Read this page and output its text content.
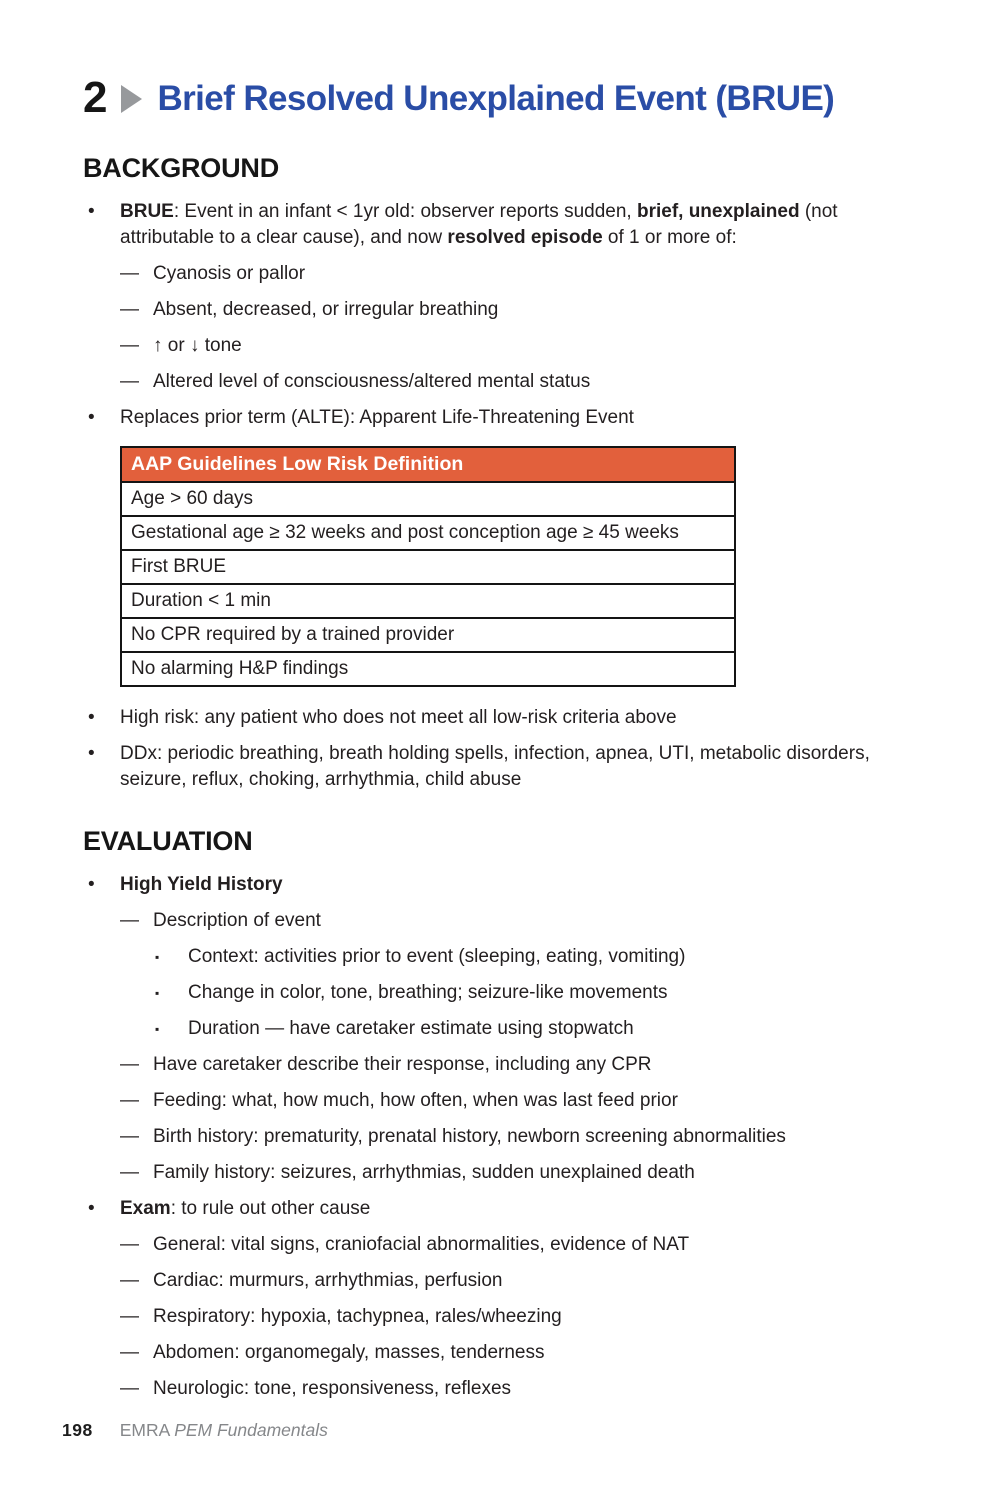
2 Brief Resolved Unexplained Event (BRUE)
BACKGROUND
•	BRUE: Event in an infant < 1yr old: observer reports sudden, brief, unexplained (not attributable to a clear cause), and now resolved episode of 1 or more of:
— Cyanosis or pallor
— Absent, decreased, or irregular breathing
— ↑ or ↓ tone
— Altered level of consciousness/altered mental status
•	Replaces prior term (ALTE): Apparent Life-Threatening Event
AAP Guidelines Low Risk Definition
Age > 60 days
Gestational age ≥ 32 weeks and post conception age ≥ 45 weeks
First BRUE
Duration < 1 min
No CPR required by a trained provider
No alarming H&P findings
•	High risk: any patient who does not meet all low-risk criteria above
•	DDx: periodic breathing, breath holding spells, infection, apnea, UTI, metabolic disorders, seizure, reflux, choking, arrhythmia, child abuse
EVALUATION
•	High Yield History
— Description of event
▪	Context: activities prior to event (sleeping, eating, vomiting)
▪	Change in color, tone, breathing; seizure-like movements
▪	Duration — have caretaker estimate using stopwatch
— Have caretaker describe their response, including any CPR
— Feeding: what, how much, how often, when was last feed prior
— Birth history: prematurity, prenatal history, newborn screening abnormalities
— Family history: seizures, arrhythmias, sudden unexplained death
•	Exam: to rule out other cause
— General: vital signs, craniofacial abnormalities, evidence of NAT
— Cardiac: murmurs, arrhythmias, perfusion
— Respiratory: hypoxia, tachypnea, rales/wheezing
— Abdomen: organomegaly, masses, tenderness
— Neurologic: tone, responsiveness, reflexes
198 EMRA PEM Fundamentals
